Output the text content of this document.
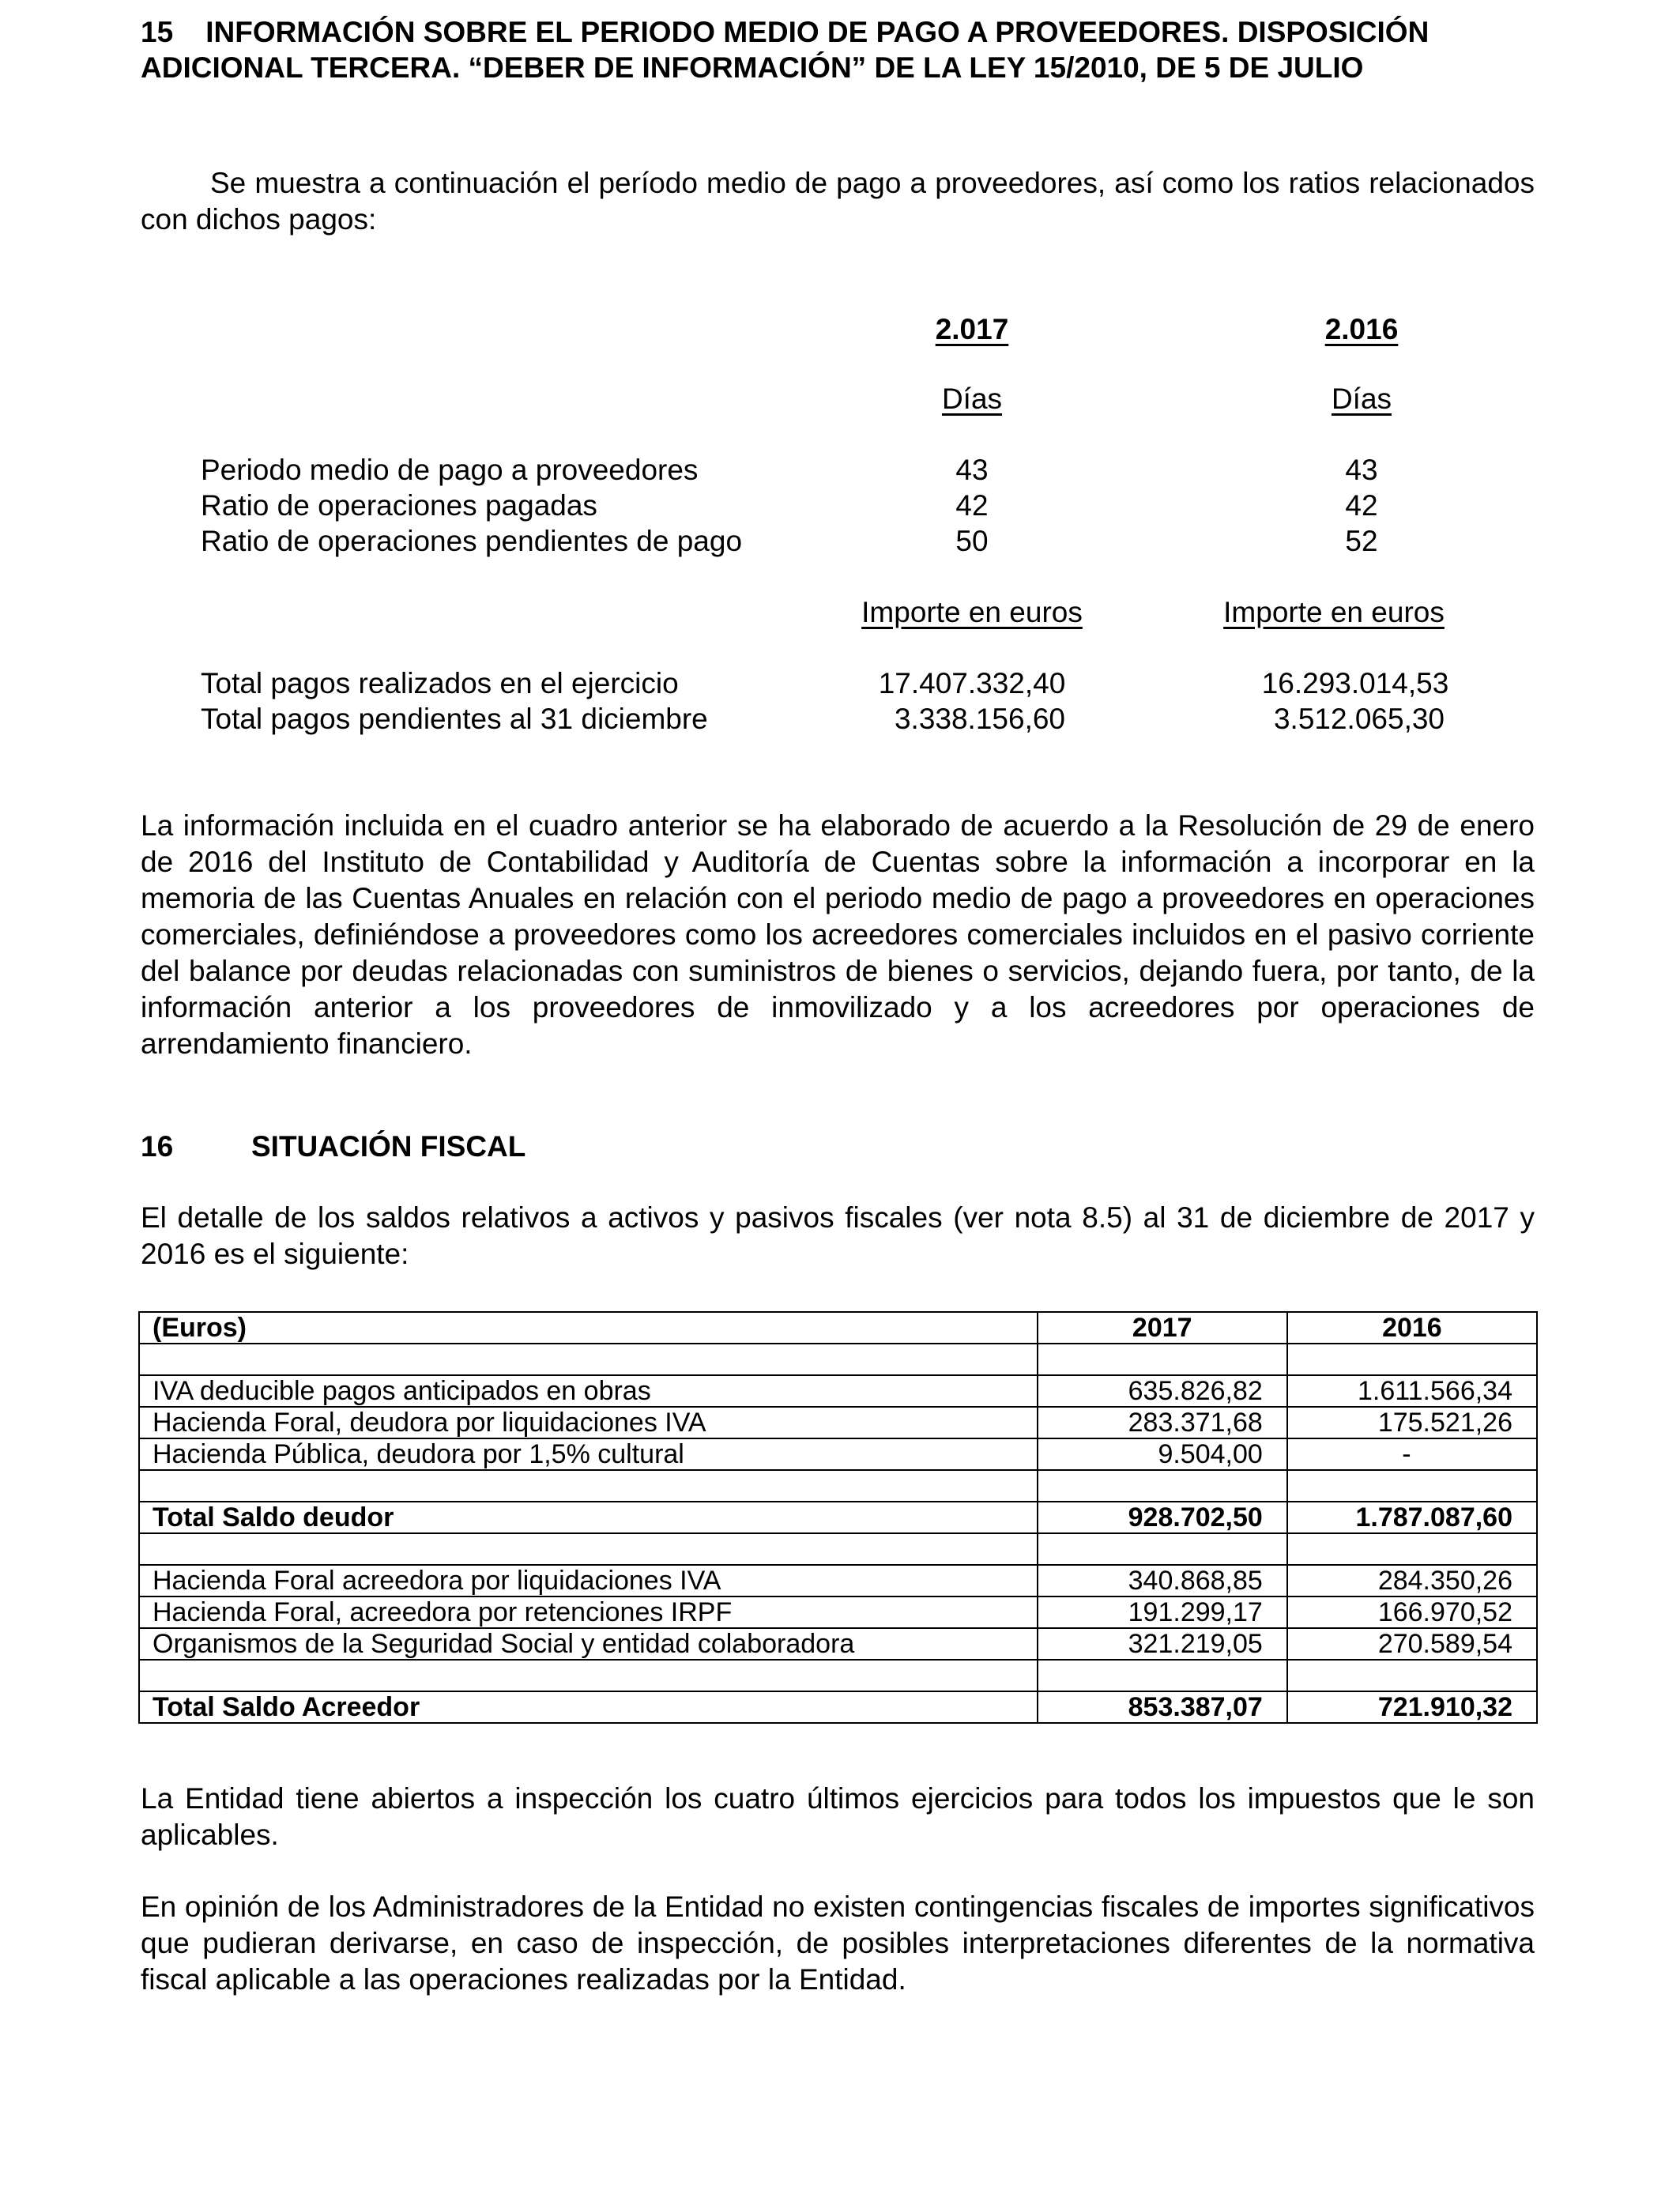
15    INFORMACIÓN SOBRE EL PERIODO MEDIO DE PAGO A PROVEEDORES. DISPOSICIÓN
ADICIONAL TERCERA. “DEBER DE INFORMACIÓN” DE LA LEY 15/2010, DE 5 DE JULIO
Se muestra a continuación el período medio de pago a proveedores, así como los ratios relacionados con dichos pagos:
2.017	2.016
Días	Días
Periodo medio de pago a proveedores	43	43
Ratio de operaciones pagadas	42	42
Ratio de operaciones pendientes de pago	50	52
Importe en euros	Importe en euros
Total pagos realizados en el ejercicio	17.407.332,40	16.293.014,53
Total pagos pendientes al 31 diciembre	3.338.156,60	3.512.065,30
La información incluida en el cuadro anterior se ha elaborado de acuerdo a la Resolución de 29 de enero de 2016 del Instituto de Contabilidad y Auditoría de Cuentas sobre la información a incorporar en la memoria de las Cuentas Anuales en relación con el periodo medio de pago a proveedores en operaciones comerciales, definiéndose a proveedores como los acreedores comerciales incluidos en el pasivo corriente del balance por deudas relacionadas con suministros de bienes o servicios, dejando fuera, por tanto, de la información anterior a los proveedores de inmovilizado y a los acreedores por operaciones de arrendamiento financiero.
16	SITUACIÓN FISCAL
El detalle de los saldos relativos a activos y pasivos fiscales (ver nota 8.5) al 31 de diciembre de 2017 y 2016 es el siguiente:
(Euros)	2017	2016

IVA deducible pagos anticipados en obras	635.826,82	1.611.566,34
Hacienda Foral, deudora por liquidaciones IVA	283.371,68	175.521,26
Hacienda Pública, deudora por 1,5% cultural	9.504,00	-

Total Saldo deudor	928.702,50	1.787.087,60

Hacienda Foral acreedora por liquidaciones IVA	340.868,85	284.350,26
Hacienda Foral, acreedora por retenciones IRPF	191.299,17	166.970,52
Organismos de la Seguridad Social y entidad colaboradora	321.219,05	270.589,54

Total Saldo Acreedor	853.387,07	721.910,32
La Entidad tiene abiertos a inspección los cuatro últimos ejercicios para todos los impuestos que le son aplicables.
En opinión de los Administradores de la Entidad no existen contingencias fiscales de importes significativos que pudieran derivarse, en caso de inspección, de posibles interpretaciones diferentes de la normativa fiscal aplicable a las operaciones realizadas por la Entidad.
